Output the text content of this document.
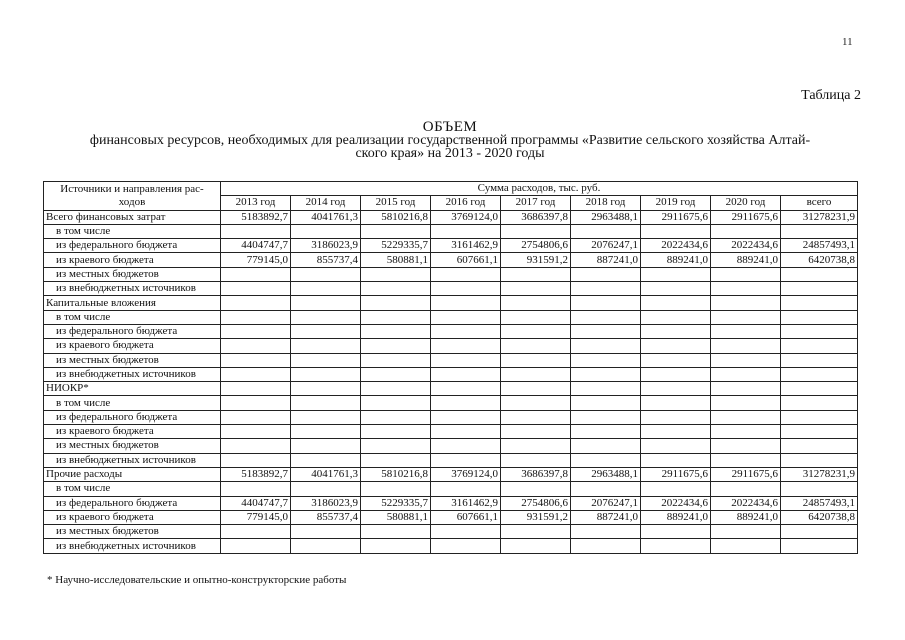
11
Таблица 2
ОБЪЕМ
финансовых ресурсов, необходимых для реализации государственной программы «Развитие сельского хозяйства Алтай-
ского края» на 2013 - 2020 годы
Источники и направления рас-
ходов	Сумма расходов, тыс. руб.								
	2013 год	2014 год	2015 год	2016 год	2017 год	2018 год	2019 год	2020 год	всего
Всего финансовых затрат	5183892,7	4041761,3	5810216,8	3769124,0	3686397,8	2963488,1	2911675,6	2911675,6	31278231,9
в том числе									
из федерального бюджета	4404747,7	3186023,9	5229335,7	3161462,9	2754806,6	2076247,1	2022434,6	2022434,6	24857493,1
из краевого бюджета	779145,0	855737,4	580881,1	607661,1	931591,2	887241,0	889241,0	889241,0	6420738,8
из местных бюджетов									
из внебюджетных источников									
Капитальные вложения									
в том числе									
из федерального бюджета									
из краевого бюджета									
из местных бюджетов									
из внебюджетных источников									
НИОКР*									
в том числе									
из федерального бюджета									
из краевого бюджета									
из местных бюджетов									
из внебюджетных источников									
Прочие расходы	5183892,7	4041761,3	5810216,8	3769124,0	3686397,8	2963488,1	2911675,6	2911675,6	31278231,9
в том числе									
из федерального бюджета	4404747,7	3186023,9	5229335,7	3161462,9	2754806,6	2076247,1	2022434,6	2022434,6	24857493,1
из краевого бюджета	779145,0	855737,4	580881,1	607661,1	931591,2	887241,0	889241,0	889241,0	6420738,8
из местных бюджетов									
из внебюджетных источников									
* Научно-исследовательские и опытно-конструкторские работы
